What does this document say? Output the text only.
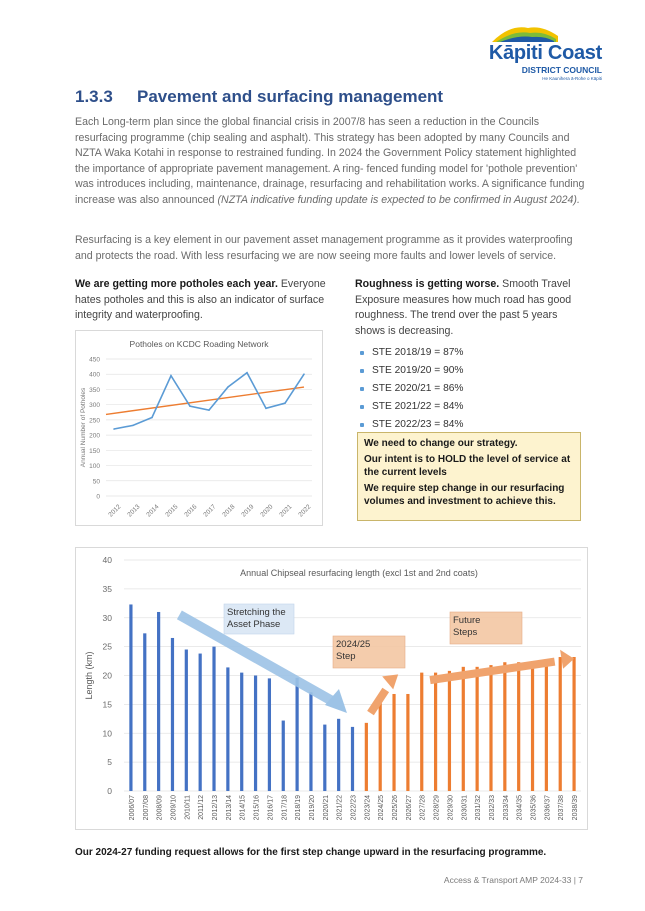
Kāpiti Coast
DISTRICT COUNCIL
He Kaunihera ā-Rohe o Kāpiti
1.3.3 Pavement and surfacing management
Each Long-term plan since the global financial crisis in 2007/8 has seen a reduction in the Councils resurfacing programme (chip sealing and asphalt). This strategy has been adopted by many Councils and NZTA Waka Kotahi in response to restrained funding. In 2024 the Government Policy statement highlighted the importance of appropriate pavement management. A ring- fenced funding model for 'pothole prevention' was introduces including, maintenance, drainage, resurfacing and rehabilitation works. A significance funding increase was also announced (NZTA indicative funding update is expected to be confirmed in August 2024).
Resurfacing is a key element in our pavement asset management programme as it provides waterproofing and protects the road. With less resurfacing we are now seeing more faults and lower levels of service.
We are getting more potholes each year. Everyone hates potholes and this is also an indicator of surface integrity and waterproofing.
Roughness is getting worse. Smooth Travel Exposure measures how much road has good roughness. The trend over the past 5 years shows is decreasing.
STE 2018/19 = 87%
STE 2019/20 = 90%
STE 2020/21 = 86%
STE 2021/22 = 84%
STE 2022/23 = 84%

We need to change our strategy.

Our intent is to HOLD the level of service at the current levels

We require step change in our resurfacing volumes and investment to achieve this.

Potholes on KCDC Roading Network
0
50
100
150
200
250
300
350
400
450
Annual Number of Potholes
2012 2013 2014 2015 2016 2017 2018 2019 2020 2021 2022
0
5
10
15
20
25
30
35
40
Annual Chipseal resurfacing length (excl 1st and 2nd coats)
Length (km)
2006/07 2007/08 2008/09 2009/10 2010/11 2011/12 2012/13 2013/14 2014/15 2015/16 2016/17 2017/18 2018/19 2019/20 2020/21 2021/22 2022/23 2023/24 2024/25 2025/26 2026/27 2027/28 2028/29 2029/30 2030/31 2031/32 2032/33 2033/34 2034/35 2035/36 2036/37 2037/38 2038/39
Stretching the
Asset Phase
2024/25
Step
Future
Steps
Our 2024-27 funding request allows for the first step change upward in the resurfacing programme.
Access & Transport AMP 2024-33 | 7
